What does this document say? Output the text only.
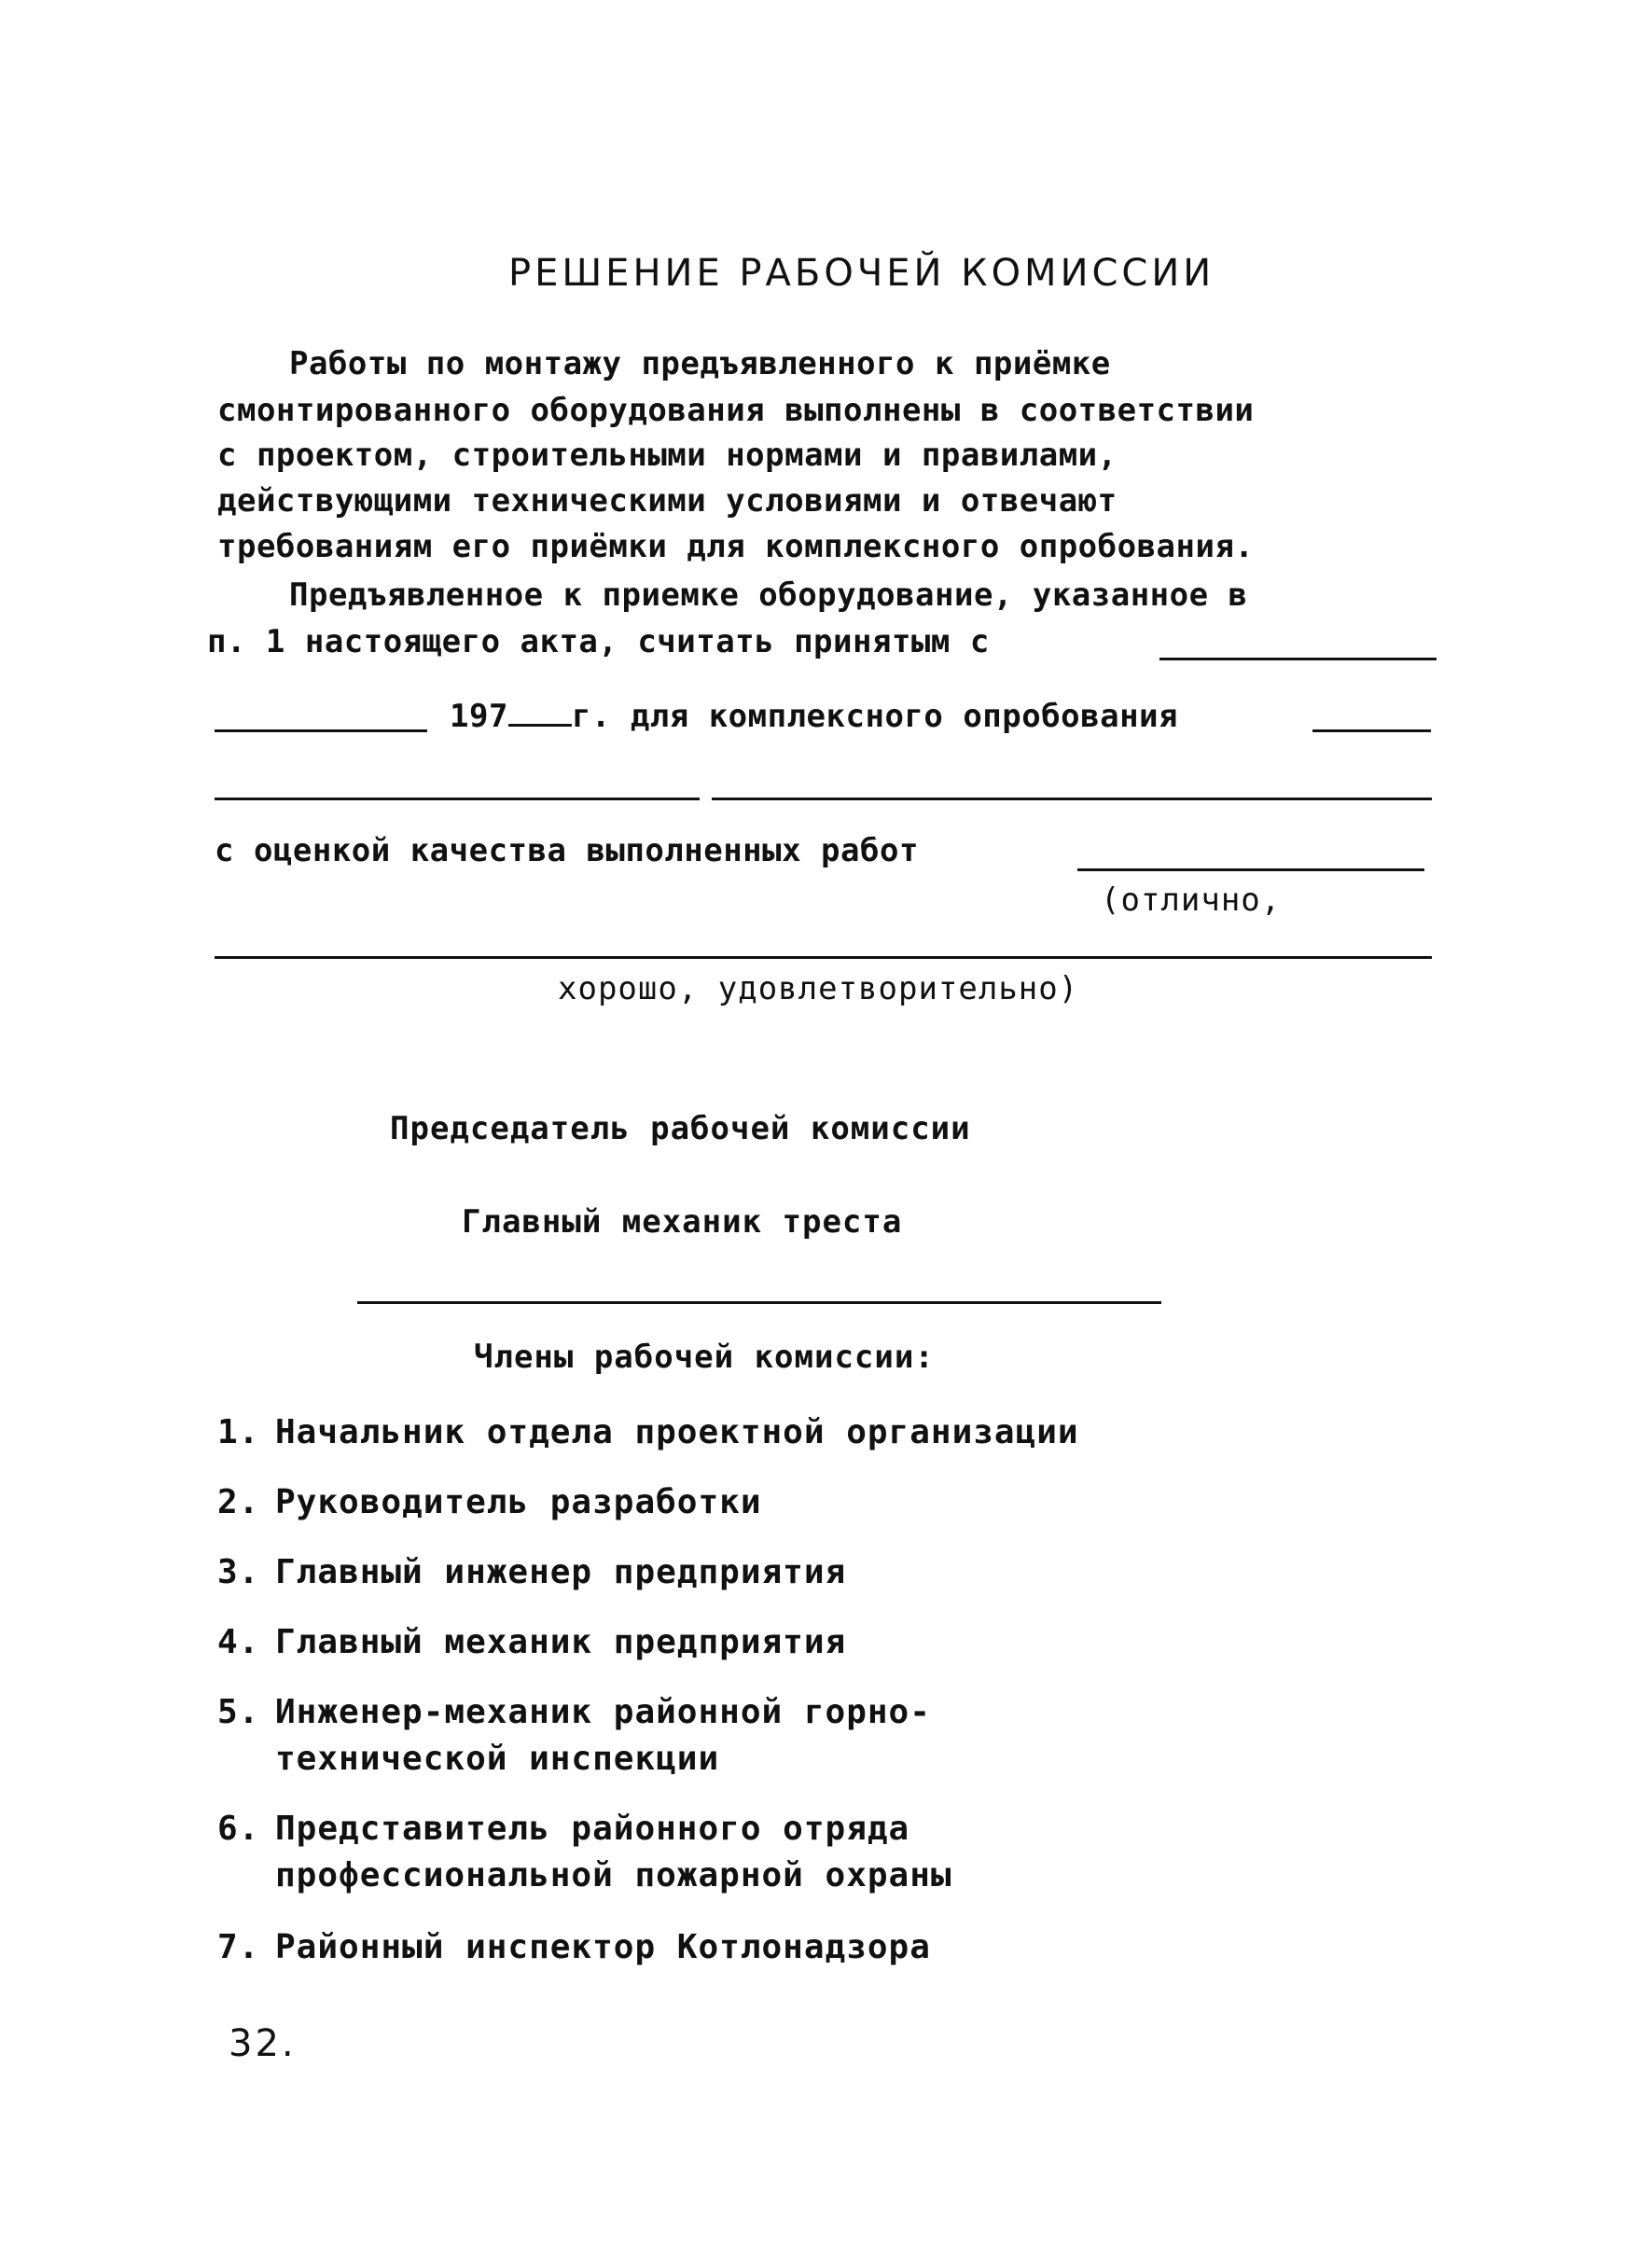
РЕШЕНИЕ РАБОЧЕЙ КОМИССИИ
Работы по монтажу предъявленного к приёмке
смонтированного оборудования выполнены в соответствии
с проектом, строительными нормами и правилами,
действующими техническими условиями и отвечают
требованиям его приёмки для комплексного опробования.
Предъявленное к приемке оборудование, указанное в
п. 1 настоящего акта, считать принятым с
197 г. для комплексного опробования
с оценкой качества выполненных работ
(отлично,
хорошо, удовлетворительно)
Председатель рабочей комиссии
Главный механик треста
Члены рабочей комиссии:
1. Начальник отдела проектной организации
2. Руководитель разработки
3. Главный инженер предприятия
4. Главный механик предприятия
5. Инженер-механик районной горно-
технической инспекции
6. Представитель районного отряда
профессиональной пожарной охраны
7. Районный инспектор Котлонадзора
32.
